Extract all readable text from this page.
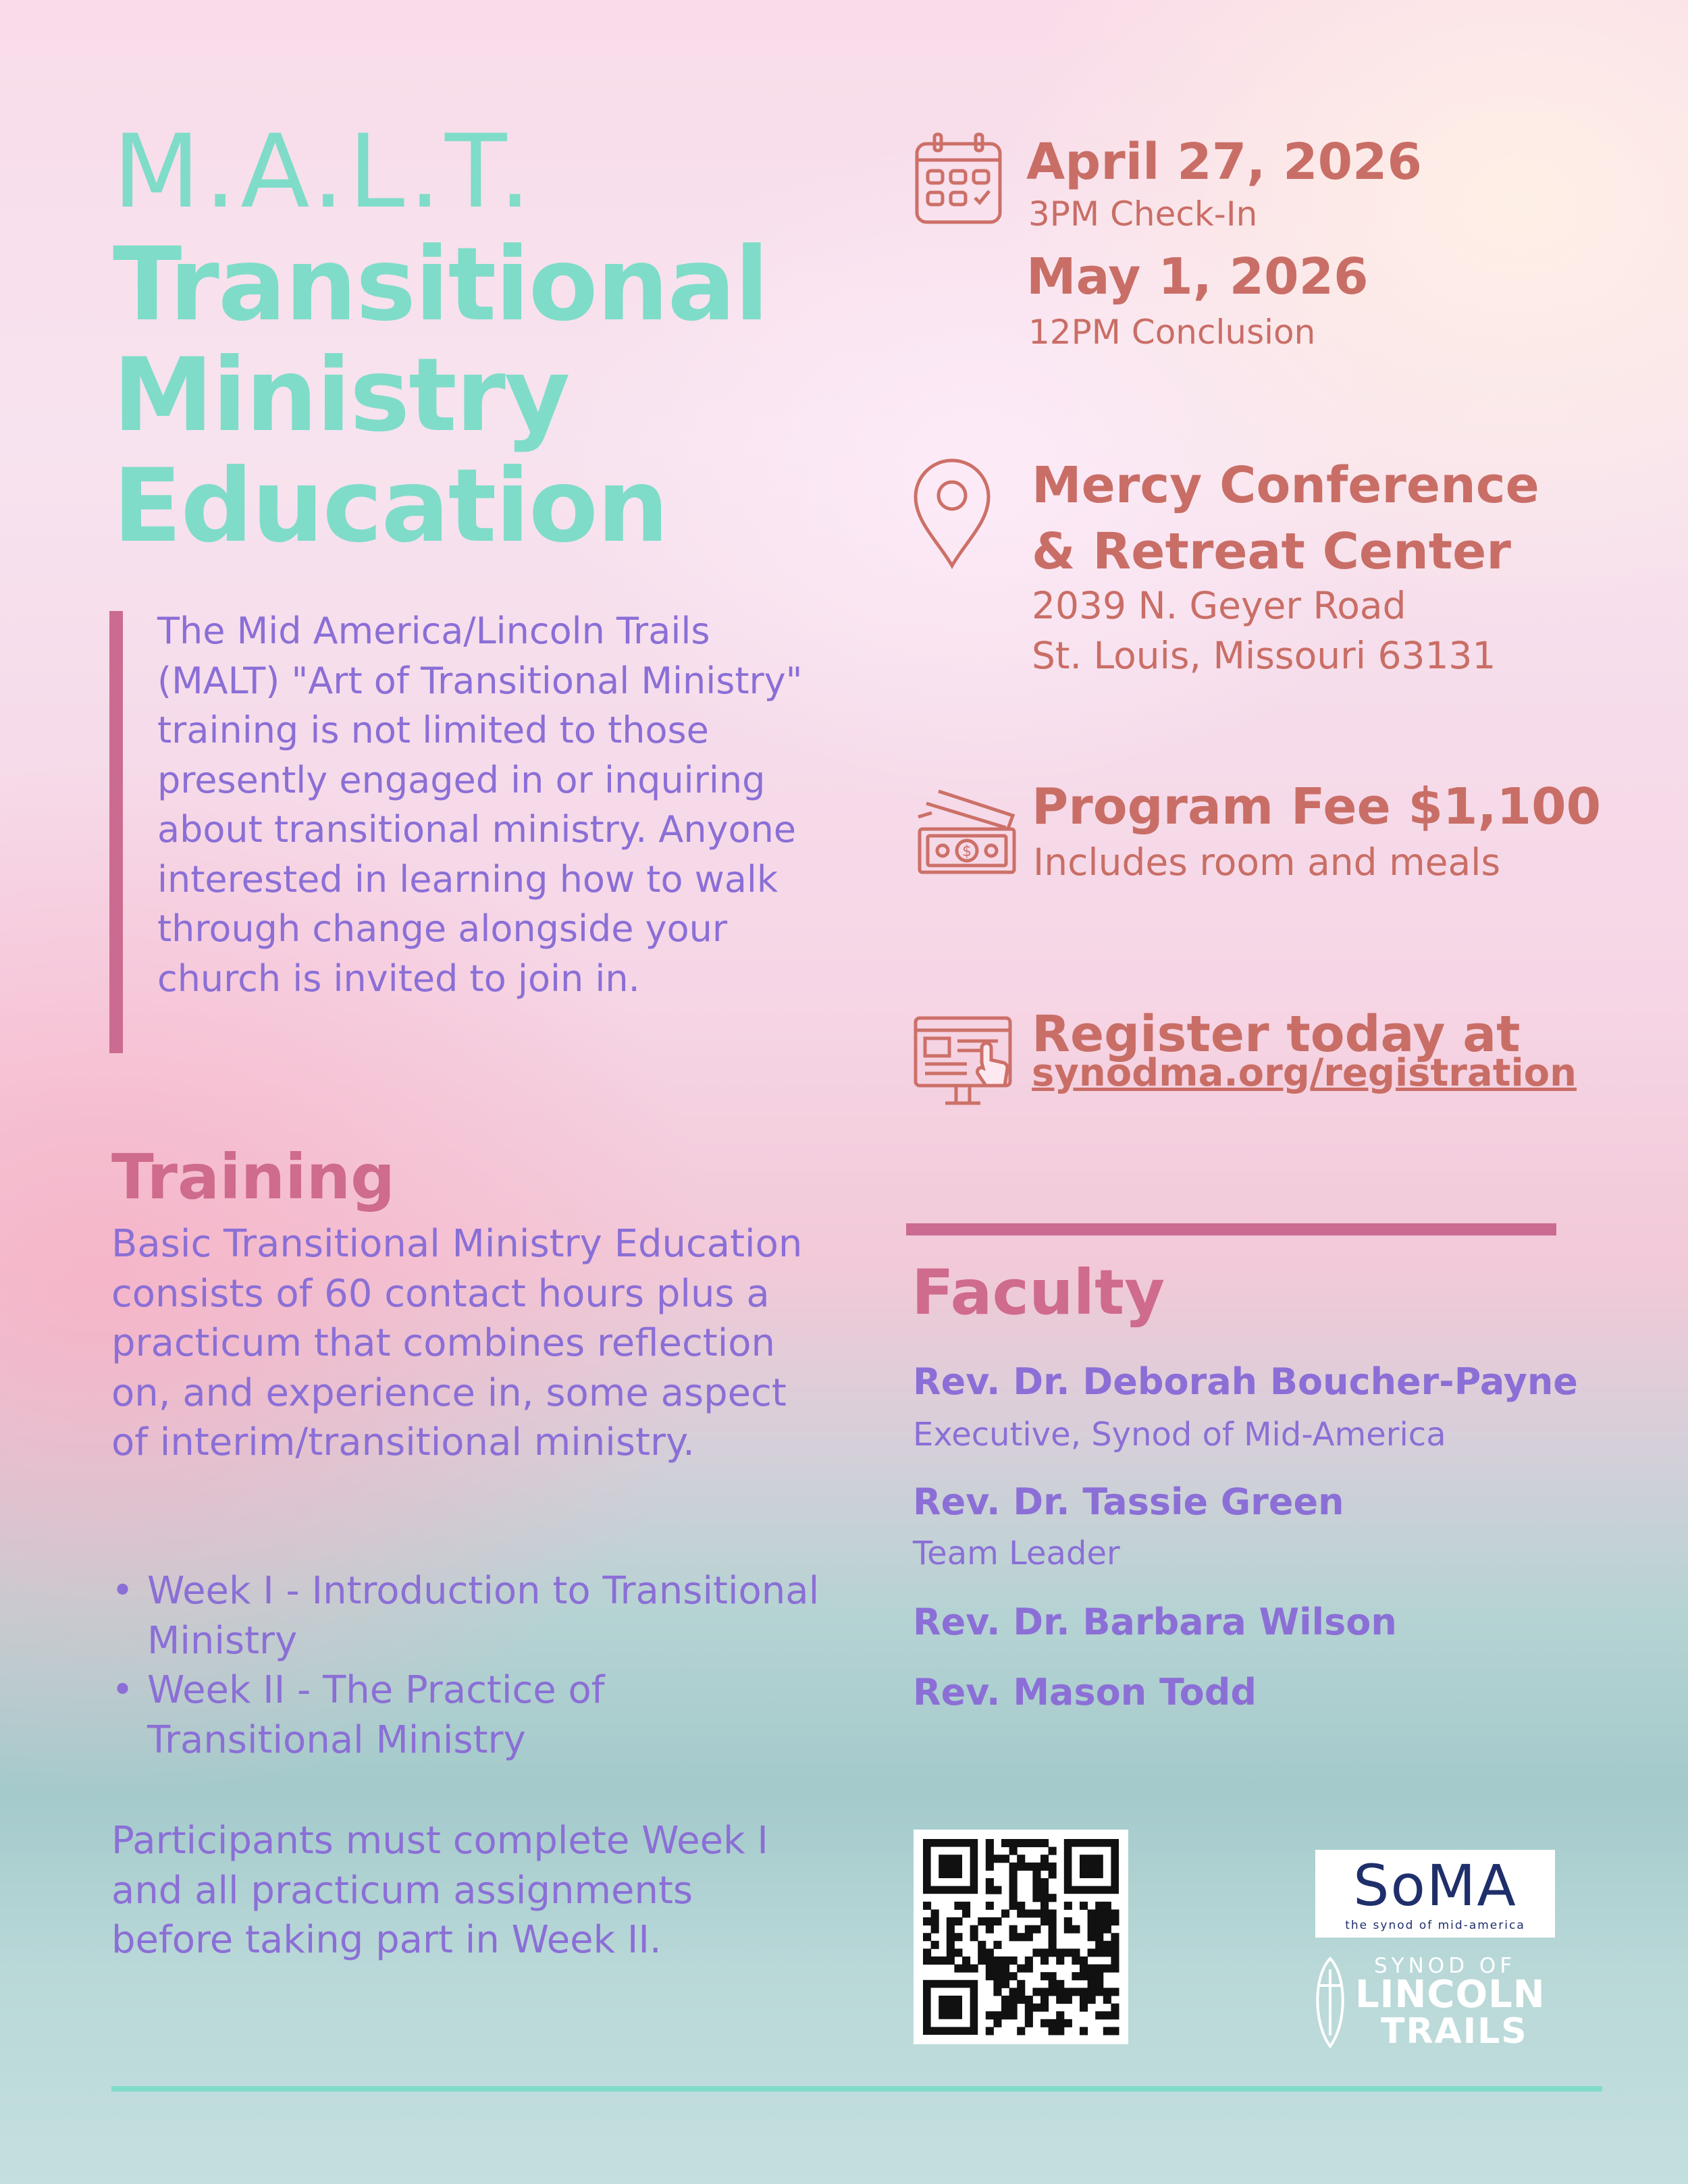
M.A.L.T.
Transitional
Ministry
Education

The Mid America/Lincoln Trails (MALT) "Art of Transitional Ministry" training is not limited to those presently engaged in or inquiring about transitional ministry. Anyone interested in learning how to walk through change alongside your church is invited to join in.

Training

Basic Transitional Ministry Education consists of 60 contact hours plus a practicum that combines reflection on, and experience in, some aspect of interim/transitional ministry.

• Week I - Introduction to Transitional Ministry
• Week II - The Practice of Transitional Ministry

Participants must complete Week I and all practicum assignments before taking part in Week II.

April 27, 2026
3PM Check-In
May 1, 2026
12PM Conclusion
Mercy Conference
& Retreat Center
2039 N. Geyer Road
St. Louis, Missouri 63131
$
Program Fee $1,100
Includes room and meals
Register today at
synodma.org/registration
Faculty
Rev. Dr. Deborah Boucher-Payne
Executive, Synod of Mid-America
Rev. Dr. Tassie Green
Team Leader
Rev. Dr. Barbara Wilson
Rev. Mason Todd
SoMA
the synod of mid-america
SYNOD OF
LINCOLN
TRAILS
